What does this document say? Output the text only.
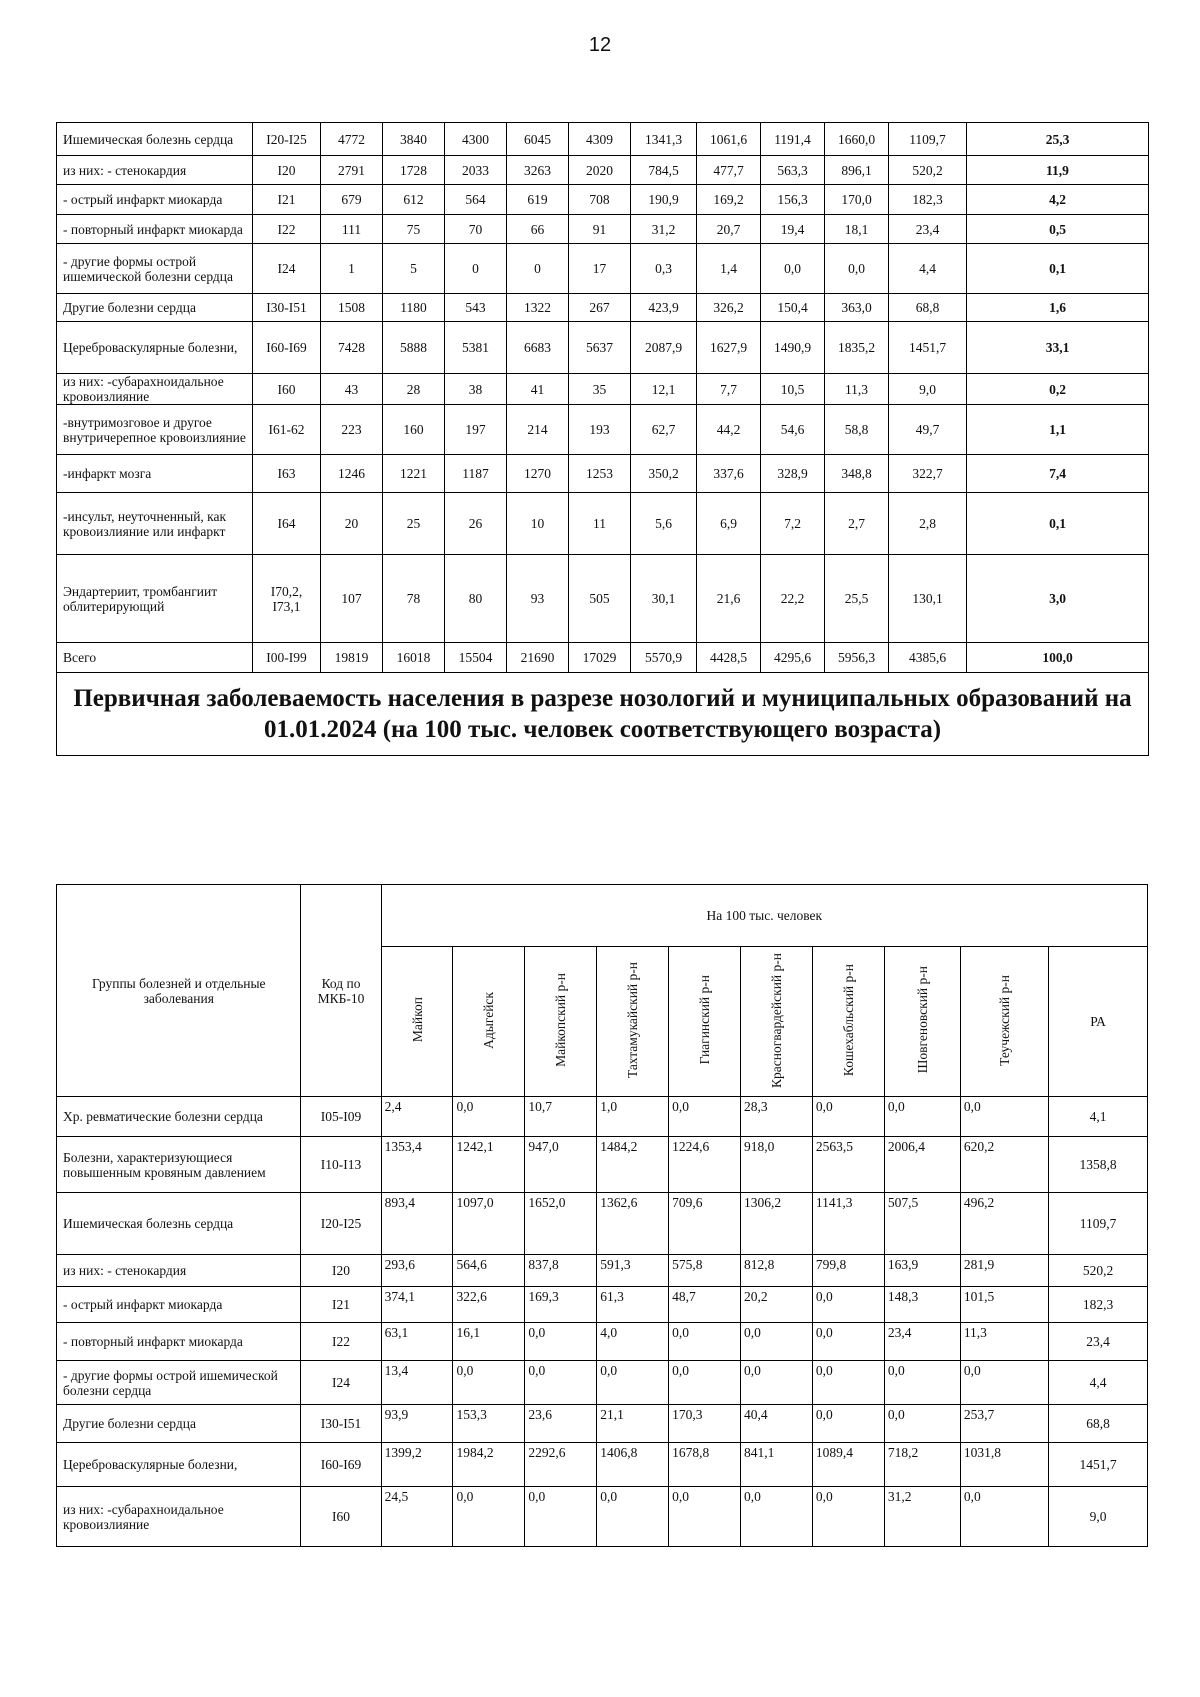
12
Ишемическая болезнь сердца	I20-I25	4772	3840	4300	6045	4309	1341,3	1061,6	1191,4	1660,0	1109,7	25,3
из них: - стенокардия	I20	2791	1728	2033	3263	2020	784,5	477,7	563,3	896,1	520,2	11,9
- острый инфаркт миокарда	I21	679	612	564	619	708	190,9	169,2	156,3	170,0	182,3	4,2
- повторный инфаркт миокарда	I22	111	75	70	66	91	31,2	20,7	19,4	18,1	23,4	0,5
- другие формы острой ишемической болезни сердца	I24	1	5	0	0	17	0,3	1,4	0,0	0,0	4,4	0,1
Другие болезни сердца	I30-I51	1508	1180	543	1322	267	423,9	326,2	150,4	363,0	68,8	1,6
Цереброваскулярные болезни,	I60-I69	7428	5888	5381	6683	5637	2087,9	1627,9	1490,9	1835,2	1451,7	33,1
из них: -субарахноидальное кровоизлияние	I60	43	28	38	41	35	12,1	7,7	10,5	11,3	9,0	0,2
-внутримозговое и другое внутричерепное кровоизлияние	I61-62	223	160	197	214	193	62,7	44,2	54,6	58,8	49,7	1,1
-инфаркт мозга	I63	1246	1221	1187	1270	1253	350,2	337,6	328,9	348,8	322,7	7,4
-инсульт, неуточненный, как кровоизлияние или инфаркт	I64	20	25	26	10	11	5,6	6,9	7,2	2,7	2,8	0,1
Эндартериит, тромбангиит облитерирующий	I70,2, I73,1	107	78	80	93	505	30,1	21,6	22,2	25,5	130,1	3,0
Всего	I00-I99	19819	16018	15504	21690	17029	5570,9	4428,5	4295,6	5956,3	4385,6	100,0
Первичная заболеваемость населения в разрезе нозологий и муниципальных образований на 01.01.2024 (на 100 тыс. человек соответствующего возраста)												
Группы болезней и отдельные заболевания	Код по МКБ-10	На 100 тыс. человек									
		Майкоп	Адыгейск	Майкопский р-н	Тахтамукайский р-н	Гиагинский р-н	Красногвардейский р-н	Кошехабльский р-н	Шовгеновский р-н	Теучежский р-н	РА
Хр. ревматические болезни сердца	I05-I09	2,4	0,0	10,7	1,0	0,0	28,3	0,0	0,0	0,0	4,1
Болезни, характеризующиеся повышенным кровяным давлением	I10-I13	1353,4	1242,1	947,0	1484,2	1224,6	918,0	2563,5	2006,4	620,2	1358,8
Ишемическая болезнь сердца	I20-I25	893,4	1097,0	1652,0	1362,6	709,6	1306,2	1141,3	507,5	496,2	1109,7
из них: - стенокардия	I20	293,6	564,6	837,8	591,3	575,8	812,8	799,8	163,9	281,9	520,2
- острый инфаркт миокарда	I21	374,1	322,6	169,3	61,3	48,7	20,2	0,0	148,3	101,5	182,3
- повторный инфаркт миокарда	I22	63,1	16,1	0,0	4,0	0,0	0,0	0,0	23,4	11,3	23,4
- другие формы острой ишемической болезни сердца	I24	13,4	0,0	0,0	0,0	0,0	0,0	0,0	0,0	0,0	4,4
Другие болезни сердца	I30-I51	93,9	153,3	23,6	21,1	170,3	40,4	0,0	0,0	253,7	68,8
Цереброваскулярные болезни,	I60-I69	1399,2	1984,2	2292,6	1406,8	1678,8	841,1	1089,4	718,2	1031,8	1451,7
из них: -субарахноидальное кровоизлияние	I60	24,5	0,0	0,0	0,0	0,0	0,0	0,0	31,2	0,0	9,0
